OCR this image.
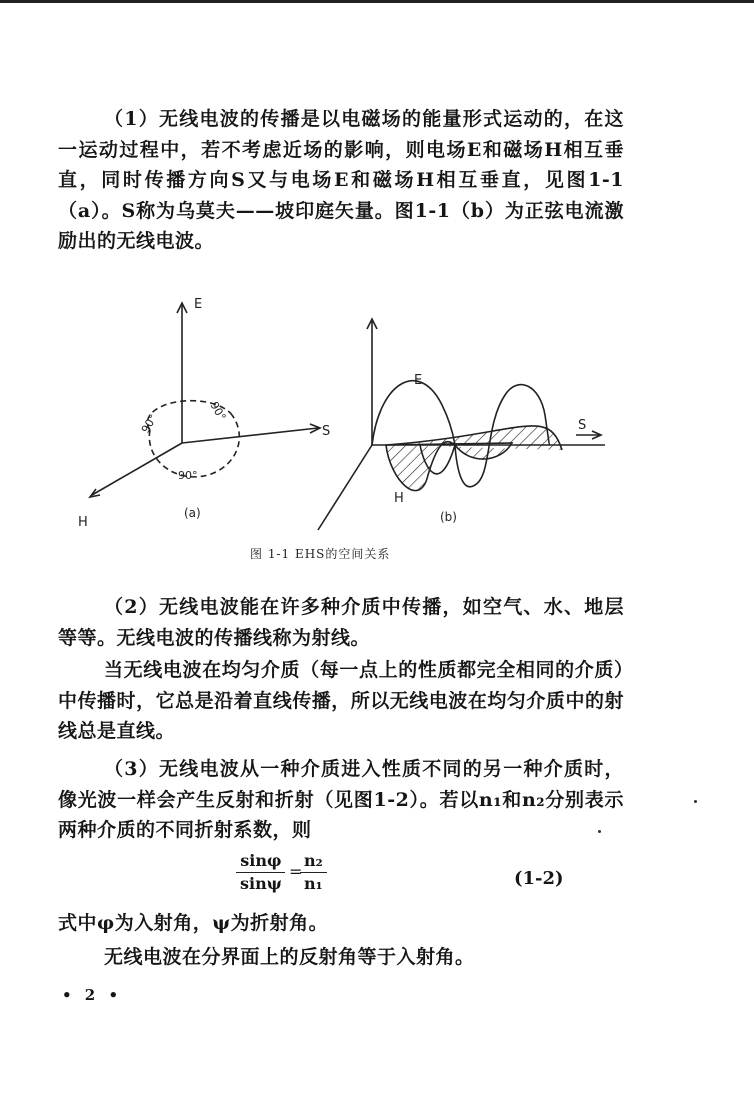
（1）无线电波的传播是以电磁场的能量形式运动的，在这一运动过程中，若不考虑近场的影响，则电场E和磁场H相互垂直，同时传播方向S又与电场E和磁场H相互垂直，见图1-1（a）。S称为乌莫夫——坡印庭矢量。图1-1（b）为正弦电流激励出的无线电波。

E
S
H
90°
90°
90°
(a)
E
S
H
(b)
图 1-1 EHS的空间关系

（2）无线电波能在许多种介质中传播，如空气、水、地层等等。无线电波的传播线称为射线。

当无线电波在均匀介质（每一点上的性质都完全相同的介质）中传播时，它总是沿着直线传播，所以无线电波在均匀介质中的射线总是直线。

（3）无线电波从一种介质进入性质不同的另一种介质时，像光波一样会产生反射和折射（见图1-2）。若以n₁和n₂分别表示两种介质的不同折射系数，则

$\frac{\sin\varphi}{\sin\psi}$ =
$\frac{\text{n₂}}{\text{n₁}}$	(1-2)

式中φ为入射角，ψ为折射角。

无线电波在分界面上的反射角等于入射角。

• 2 •
